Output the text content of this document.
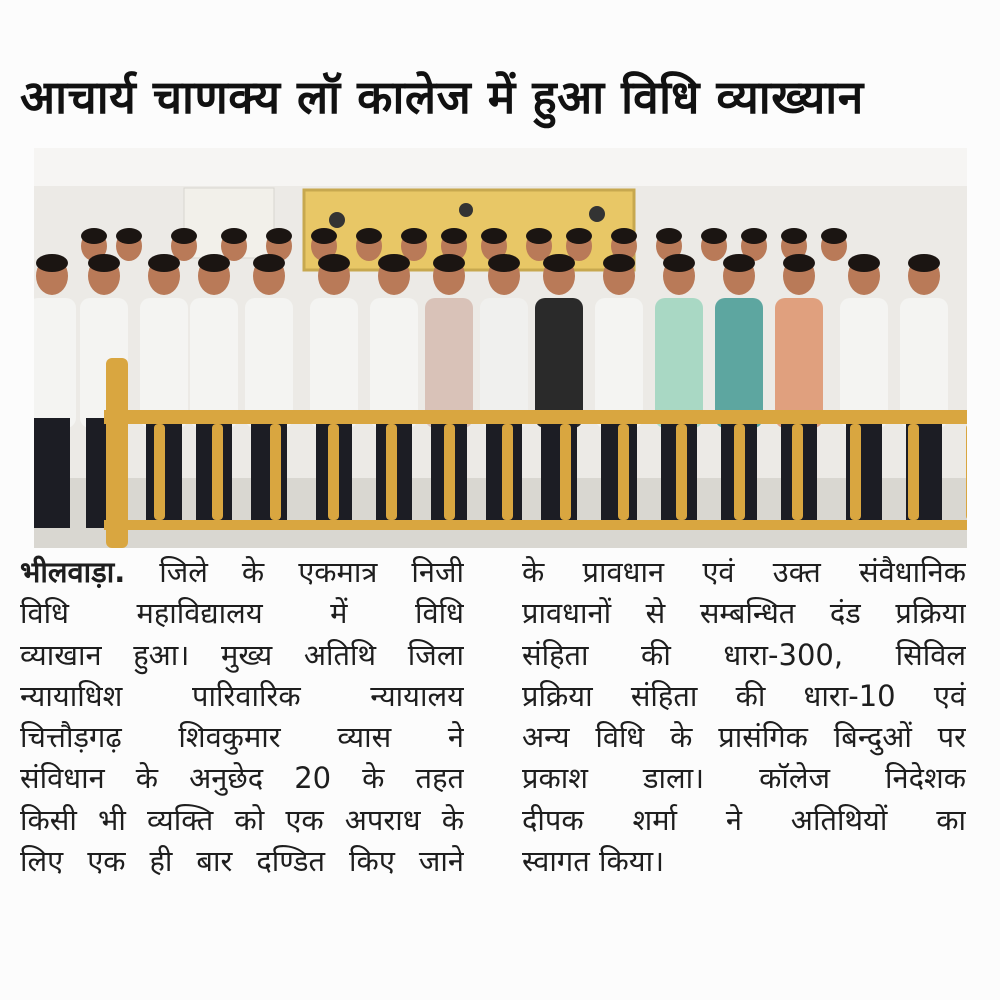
आचार्य चाणक्य लॉ कालेज में हुआ विधि व्याख्यान
भीलवाड़ा. जिले के एकमात्र निजी
विधि महाविद्यालय में विधि
व्याखान हुआ। मुख्य अतिथि जिला
न्यायाधिश पारिवारिक न्यायालय
चित्तौड़गढ़ शिवकुमार व्यास ने
संविधान के अनुछेद 20 के तहत
किसी भी व्यक्ति को एक अपराध के
लिए एक ही बार दण्डित किए जाने
के प्रावधान एवं उक्त संवैधानिक
प्रावधानों से सम्बन्धित दंड प्रक्रिया
संहिता की धारा-300, सिविल
प्रक्रिया संहिता की धारा-10 एवं
अन्य विधि के प्रासंगिक बिन्दुओं पर
प्रकाश डाला। कॉलेज निदेशक
दीपक शर्मा ने अतिथियों का
स्वागत किया।
